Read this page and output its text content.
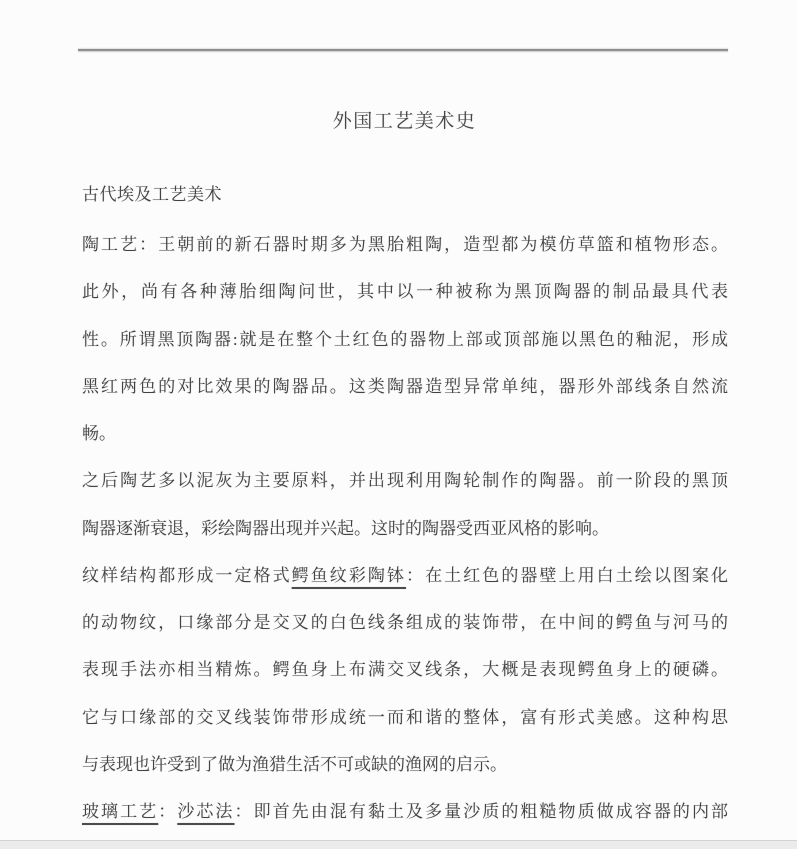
外国工艺美术史
古代埃及工艺美术
陶工艺：王朝前的新石器时期多为黑胎粗陶，造型都为模仿草篮和植物形态。
此外，尚有各种薄胎细陶问世，其中以一种被称为黑顶陶器的制品最具代表
性。所谓黑顶陶器:就是在整个土红色的器物上部或顶部施以黑色的釉泥，形成
黑红两色的对比效果的陶器品。这类陶器造型异常单纯，器形外部线条自然流
畅。
之后陶艺多以泥灰为主要原料，并出现利用陶轮制作的陶器。前一阶段的黑顶
陶器逐渐衰退，彩绘陶器出现并兴起。这时的陶器受西亚风格的影响。
纹样结构都形成一定格式鳄鱼纹彩陶钵：在土红色的器壁上用白土绘以图案化
的动物纹，口缘部分是交叉的白色线条组成的装饰带，在中间的鳄鱼与河马的
表现手法亦相当精炼。鳄鱼身上布满交叉线条，大概是表现鳄鱼身上的硬磷。
它与口缘部的交叉线装饰带形成统一而和谐的整体，富有形式美感。这种构思
与表现也许受到了做为渔猎生活不可或缺的渔网的启示。
玻璃工艺：沙芯法：即首先由混有黏土及多量沙质的粗糙物质做成容器的内部
